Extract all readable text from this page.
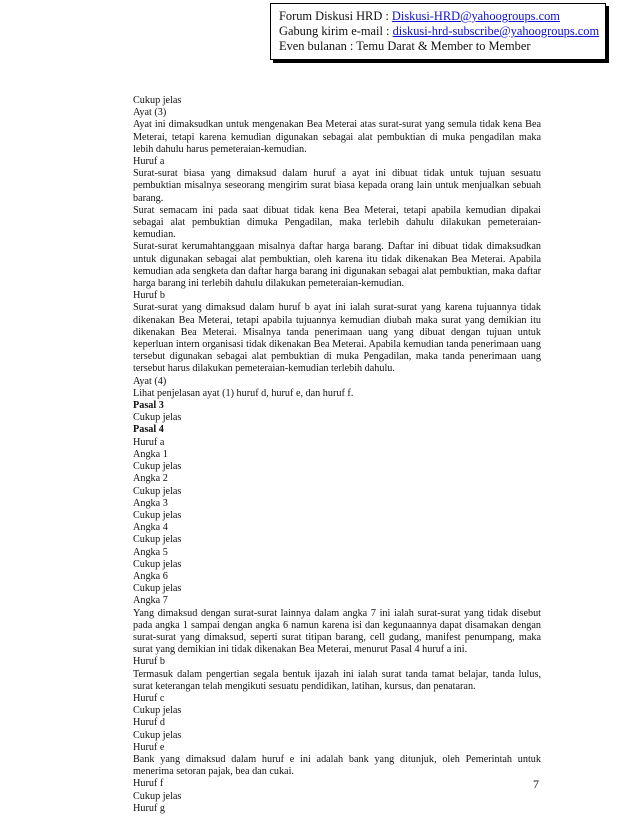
Forum Diskusi HRD : Diskusi-HRD@yahoogroups.com
Gabung kirim e-mail : diskusi-hrd-subscribe@yahoogroups.com
Even bulanan : Temu Darat & Member to Member
Cukup jelas
Ayat (3)
Ayat ini dimaksudkan untuk mengenakan Bea Meterai atas surat-surat yang semula tidak kena Bea Meterai, tetapi karena kemudian digunakan sebagai alat pembuktian di muka pengadilan maka lebih dahulu harus pemeteraian-kemudian.
Huruf a
Surat-surat biasa yang dimaksud dalam huruf a ayat ini dibuat tidak untuk tujuan sesuatu pembuktian misalnya seseorang mengirim surat biasa kepada orang lain untuk menjualkan sebuah barang.
Surat semacam ini pada saat dibuat tidak kena Bea Meterai, tetapi apabila kemudian dipakai sebagai alat pembuktian dimuka Pengadilan, maka terlebih dahulu dilakukan pemeteraian-kemudian.
Surat-surat kerumahtanggaan misalnya daftar harga barang. Daftar ini dibuat tidak dimaksudkan untuk digunakan sebagai alat pembuktian, oleh karena itu tidak dikenakan Bea Meterai. Apabila kemudian ada sengketa dan daftar harga barang ini digunakan sebagai alat pembuktian, maka daftar harga barang ini terlebih dahulu dilakukan pemeteraian-kemudian.
Huruf b
Surat-surat yang dimaksud dalam huruf b ayat ini ialah surat-surat yang karena tujuannya tidak dikenakan Bea Meterai, tetapi apabila tujuannya kemudian diubah maka surat yang demikian itu dikenakan Bea Meterai. Misalnya tanda penerimaan uang yang dibuat dengan tujuan untuk keperluan intern organisasi tidak dikenakan Bea Meterai. Apabila kemudian tanda penerimaan uang tersebut digunakan sebagai alat pembuktian di muka Pengadilan, maka tanda penerimaan uang tersebut harus dilakukan pemeteraian-kemudian terlebih dahulu.
Ayat (4)
Lihat penjelasan ayat (1) huruf d, huruf e, dan huruf f.
Pasal 3
Cukup jelas
Pasal 4
Huruf a
Angka 1
Cukup jelas
Angka 2
Cukup jelas
Angka 3
Cukup jelas
Angka 4
Cukup jelas
Angka 5
Cukup jelas
Angka 6
Cukup jelas
Angka 7
Yang dimaksud dengan surat-surat lainnya dalam angka 7 ini ialah surat-surat yang tidak disebut pada angka 1 sampai dengan angka 6 namun karena isi dan kegunaannya dapat disamakan dengan surat-surat yang dimaksud, seperti surat titipan barang, cell gudang, manifest penumpang, maka surat yang demikian ini tidak dikenakan Bea Meterai, menurut Pasal 4 huruf a ini.
Huruf b
Termasuk dalam pengertian segala bentuk ijazah ini ialah surat tanda tamat belajar, tanda lulus, surat keterangan telah mengikuti sesuatu pendidikan, latihan, kursus, dan penataran.
Huruf c
Cukup jelas
Huruf d
Cukup jelas
Huruf e
Bank yang dimaksud dalam huruf e ini adalah bank yang ditunjuk, oleh Pemerintah untuk menerima setoran pajak, bea dan cukai.
Huruf f
Cukup jelas
Huruf g
7
